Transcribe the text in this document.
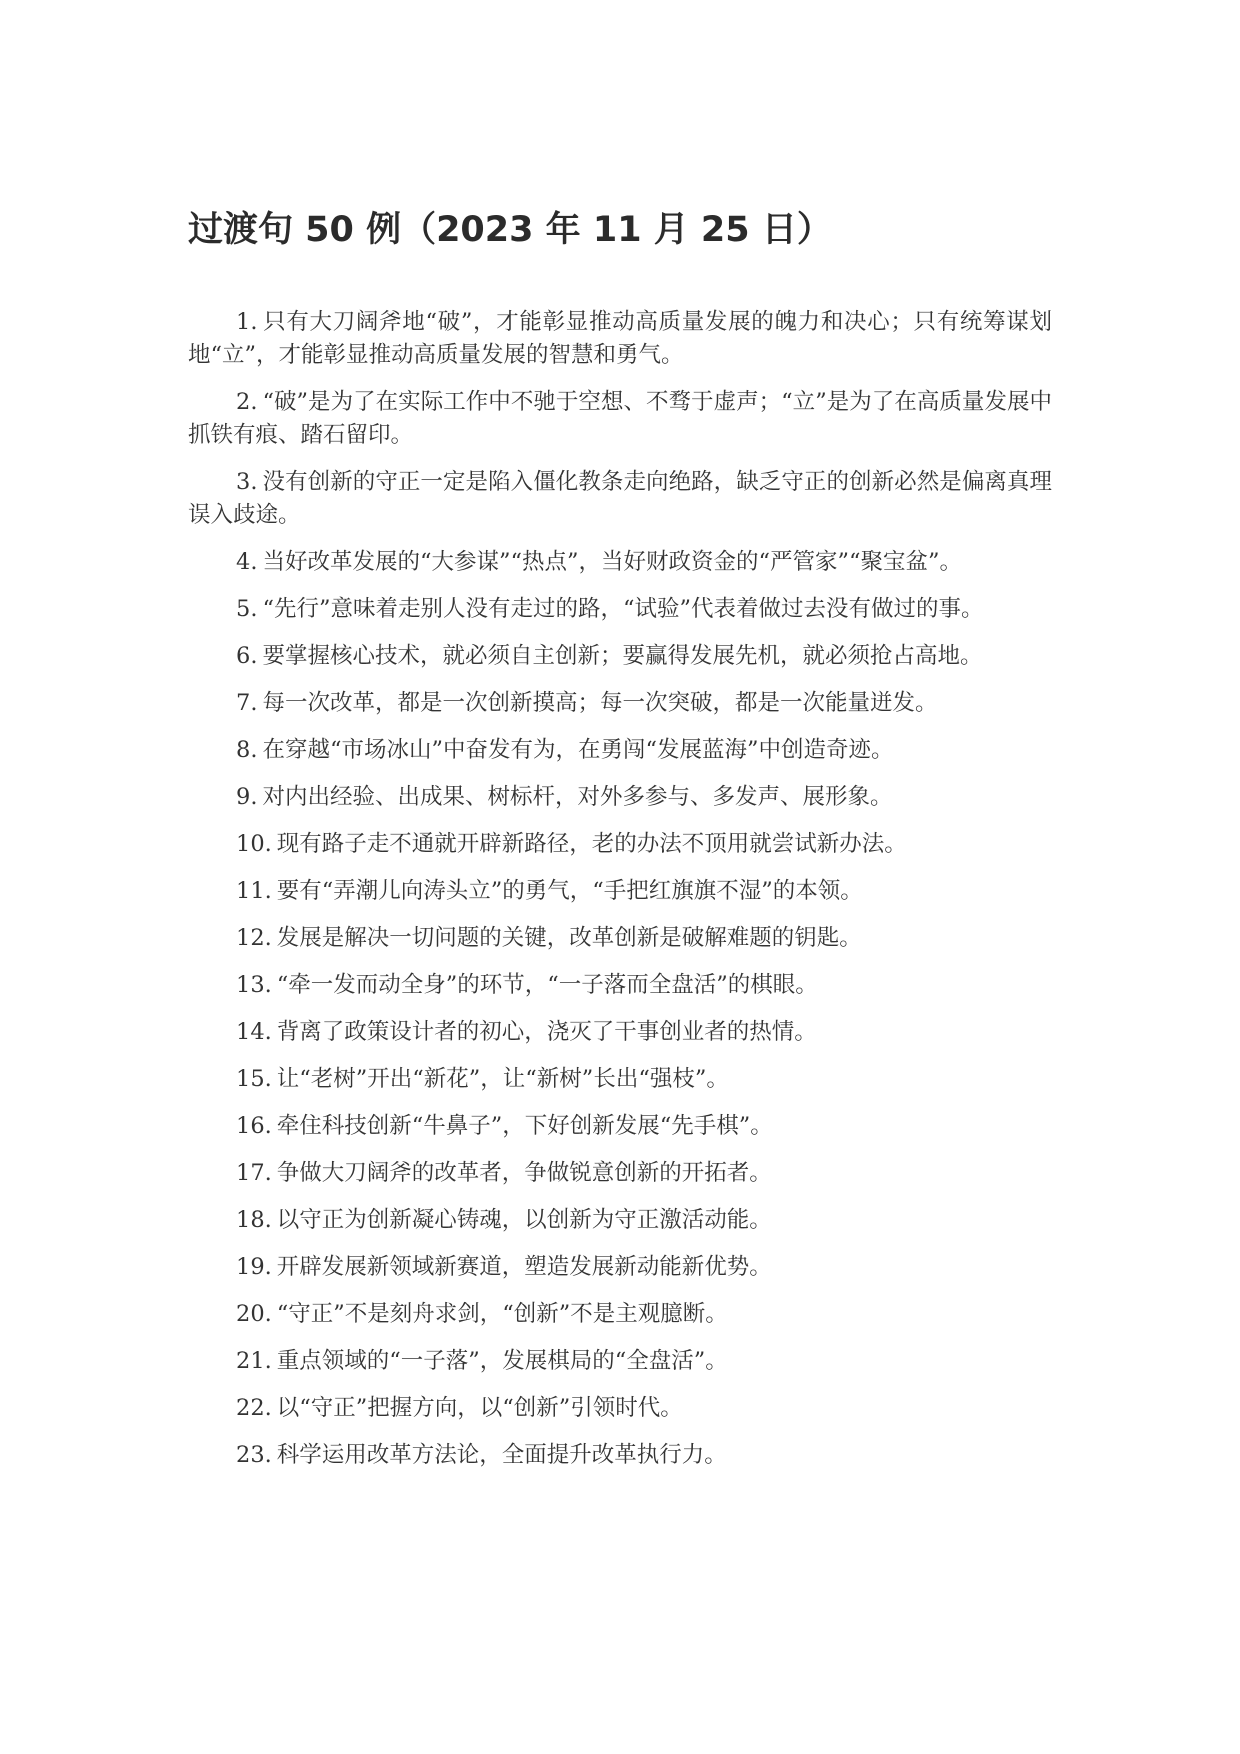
过渡句 50 例（2023 年 11 月 25 日）

1. 只有大刀阔斧地“破”，才能彰显推动高质量发展的魄力和决心；只有统筹谋划地“立”，才能彰显推动高质量发展的智慧和勇气。

2. “破”是为了在实际工作中不驰于空想、不骛于虚声；“立”是为了在高质量发展中抓铁有痕、踏石留印。

3. 没有创新的守正一定是陷入僵化教条走向绝路，缺乏守正的创新必然是偏离真理误入歧途。

4. 当好改革发展的“大参谋”“热点”，当好财政资金的“严管家”“聚宝盆”。

5. “先行”意味着走别人没有走过的路，“试验”代表着做过去没有做过的事。

6. 要掌握核心技术，就必须自主创新；要赢得发展先机，就必须抢占高地。

7. 每一次改革，都是一次创新摸高；每一次突破，都是一次能量迸发。

8. 在穿越“市场冰山”中奋发有为，在勇闯“发展蓝海”中创造奇迹。

9. 对内出经验、出成果、树标杆，对外多参与、多发声、展形象。

10. 现有路子走不通就开辟新路径，老的办法不顶用就尝试新办法。

11. 要有“弄潮儿向涛头立”的勇气，“手把红旗旗不湿”的本领。

12. 发展是解决一切问题的关键，改革创新是破解难题的钥匙。

13. “牵一发而动全身”的环节，“一子落而全盘活”的棋眼。

14. 背离了政策设计者的初心，浇灭了干事创业者的热情。

15. 让“老树”开出“新花”，让“新树”长出“强枝”。

16. 牵住科技创新“牛鼻子”，下好创新发展“先手棋”。

17. 争做大刀阔斧的改革者，争做锐意创新的开拓者。

18. 以守正为创新凝心铸魂，以创新为守正激活动能。

19. 开辟发展新领域新赛道，塑造发展新动能新优势。

20. “守正”不是刻舟求剑，“创新”不是主观臆断。

21. 重点领域的“一子落”，发展棋局的“全盘活”。

22. 以“守正”把握方向，以“创新”引领时代。

23. 科学运用改革方法论，全面提升改革执行力。
